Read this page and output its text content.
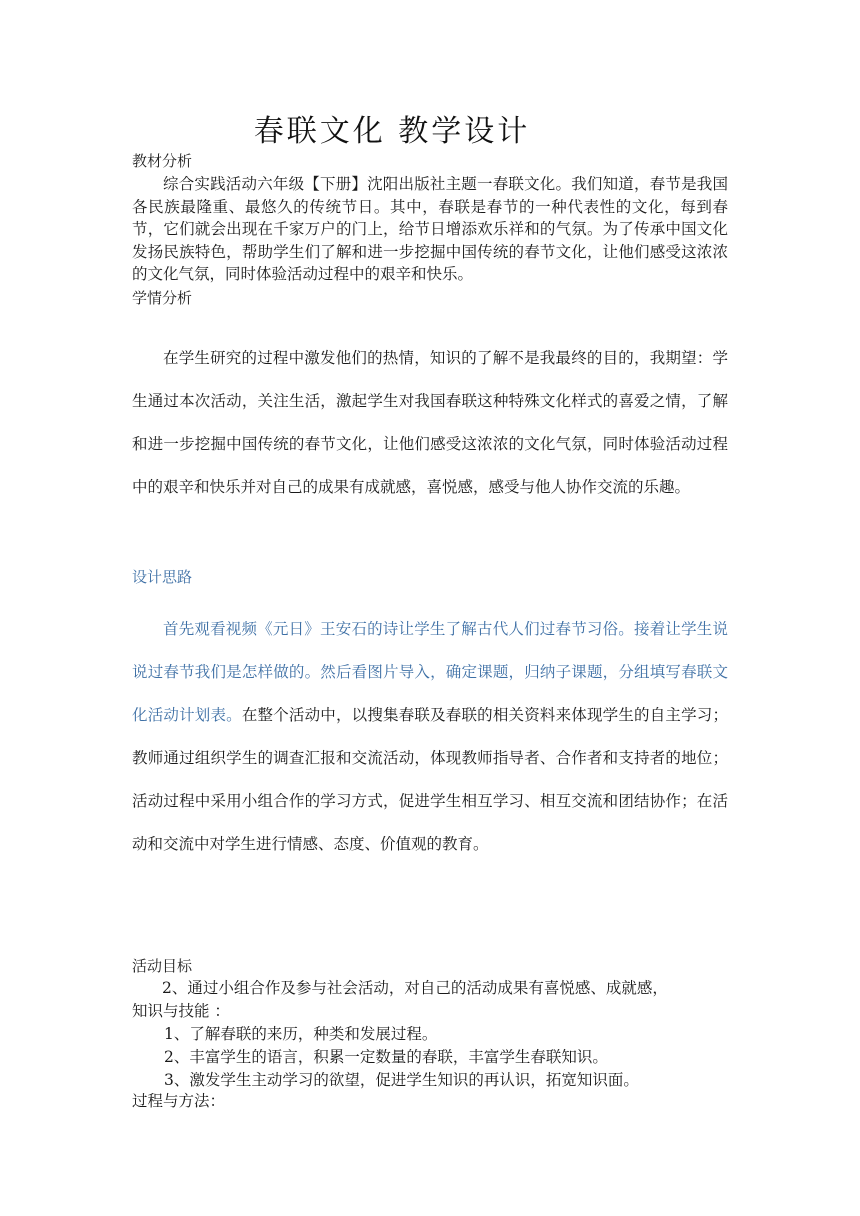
春联文化 教学设计
教材分析
综合实践活动六年级【下册】沈阳出版社主题一春联文化。我们知道，春节是我国各民族最隆重、最悠久的传统节日。其中，春联是春节的一种代表性的文化，每到春节，它们就会出现在千家万户的门上，给节日增添欢乐祥和的气氛。为了传承中国文化发扬民族特色，帮助学生们了解和进一步挖掘中国传统的春节文化，让他们感受这浓浓的文化气氛，同时体验活动过程中的艰辛和快乐。
学情分析
在学生研究的过程中激发他们的热情，知识的了解不是我最终的目的，我期望：学生通过本次活动，关注生活，激起学生对我国春联这种特殊文化样式的喜爱之情，了解和进一步挖掘中国传统的春节文化，让他们感受这浓浓的文化气氛，同时体验活动过程中的艰辛和快乐并对自己的成果有成就感，喜悦感，感受与他人协作交流的乐趣。
设计思路
首先观看视频《元日》王安石的诗让学生了解古代人们过春节习俗。接着让学生说说过春节我们是怎样做的。然后看图片导入，确定课题，归纳子课题，分组填写春联文化活动计划表。在整个活动中，以搜集春联及春联的相关资料来体现学生的自主学习；教师通过组织学生的调查汇报和交流活动，体现教师指导者、合作者和支持者的地位；活动过程中采用小组合作的学习方式，促进学生相互学习、相互交流和团结协作；在活动和交流中对学生进行情感、态度、价值观的教育。
活动目标
2、通过小组合作及参与社会活动，对自己的活动成果有喜悦感、成就感，
知识与技能 ：
1、了解春联的来历，种类和发展过程。
2、丰富学生的语言，积累一定数量的春联，丰富学生春联知识。
3、激发学生主动学习的欲望，促进学生知识的再认识，拓宽知识面。
过程与方法：
